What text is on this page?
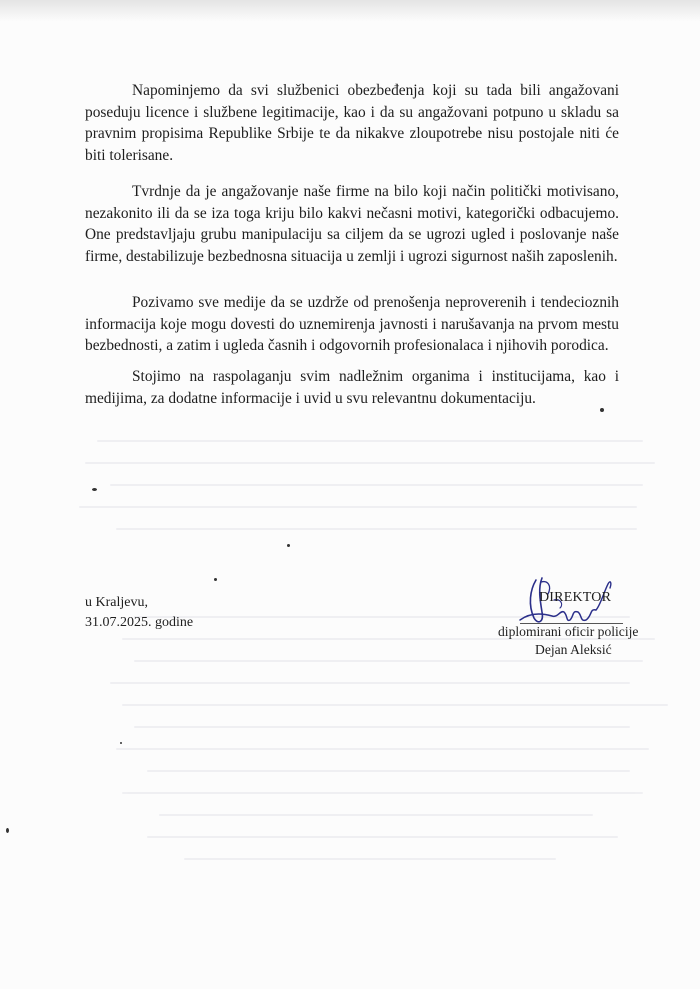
Napominjemo da svi službenici obezbeđenja koji su tada bili angažovani poseduju licence i službene legitimacije, kao i da su angažovani potpuno u skladu sa pravnim propisima Republike Srbije te da nikakve zloupotrebe nisu postojale niti će biti tolerisane.

Tvrdnje da je angažovanje naše firme na bilo koji način politički motivisano, nezakonito ili da se iza toga kriju bilo kakvi nečasni motivi, kategorički odbacujemo. One predstavljaju grubu manipulaciju sa ciljem da se ugrozi ugled i poslovanje naše firme, destabilizuje bezbednosna situacija u zemlji i ugrozi sigurnost naših zaposlenih.

Pozivamo sve medije da se uzdrže od prenošenja neproverenih i tendecioznih informacija koje mogu dovesti do uznemirenja javnosti i narušavanja na prvom mestu bezbednosti, a zatim i ugleda časnih i odgovornih profesionalaca i njihovih porodica.

Stojimo na raspolaganju svim nadležnim organima i institucijama, kao i medijima, za dodatne informacije i uvid u svu relevantnu dokumentaciju.

u Kraljevu,
31.07.2025. godine
DIREKTOR
diplomirani oficir policije
Dejan Aleksić
